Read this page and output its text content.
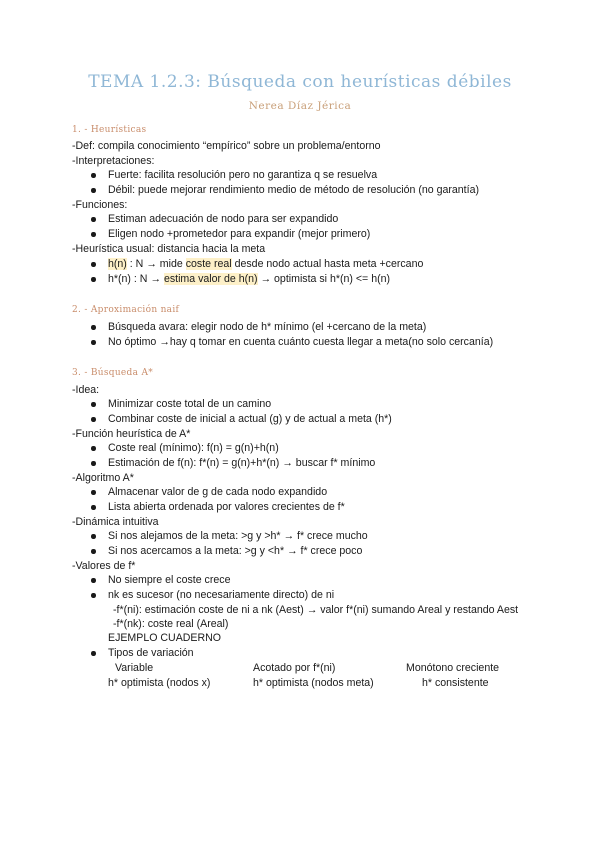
TEMA 1.2.3: Búsqueda con heurísticas débiles
Nerea Díaz Jérica
1. - Heurísticas
-Def: compila conocimiento “empírico” sobre un problema/entorno
-Interpretaciones:
Fuerte: facilita resolución pero no garantiza q se resuelva
Débil: puede mejorar rendimiento medio de método de resolución (no garantía)
-Funciones:
Estiman adecuación de nodo para ser expandido
Eligen nodo +prometedor para expandir (mejor primero)
-Heurística usual: distancia hacia la meta
h(n) : N → mide coste real desde nodo actual hasta meta +cercano
h*(n) : N → estima valor de h(n) → optimista si h*(n) <= h(n)
2. - Aproximación naif
Búsqueda avara: elegir nodo de h* mínimo (el +cercano de la meta)
No óptimo →hay q tomar en cuenta cuánto cuesta llegar a meta(no solo cercanía)
3. - Búsqueda A*
-Idea:
Minimizar coste total de un camino
Combinar coste de inicial a actual (g) y de actual a meta (h*)
-Función heurística de A*
Coste real (mínimo): f(n) = g(n)+h(n)
Estimación de f(n): f*(n) = g(n)+h*(n) → buscar f* mínimo
-Algoritmo A*
Almacenar valor de g de cada nodo expandido
Lista abierta ordenada por valores crecientes de f*
-Dinámica intuitiva
Si nos alejamos de la meta: >g y >h* → f* crece mucho
Si nos acercamos a la meta: >g y <h* → f* crece poco
-Valores de f*
No siempre el coste crece
nk es sucesor (no necesariamente directo) de ni
-f*(ni): estimación coste de ni a nk (Aest) → valor f*(ni) sumando Areal y restando Aest
-f*(nk): coste real (Areal)
EJEMPLO CUADERNO
Tipos de variación
Variable	Acotado por f*(ni)	Monótono creciente
h* optimista (nodos x)	h* optimista (nodos meta)	h* consistente
